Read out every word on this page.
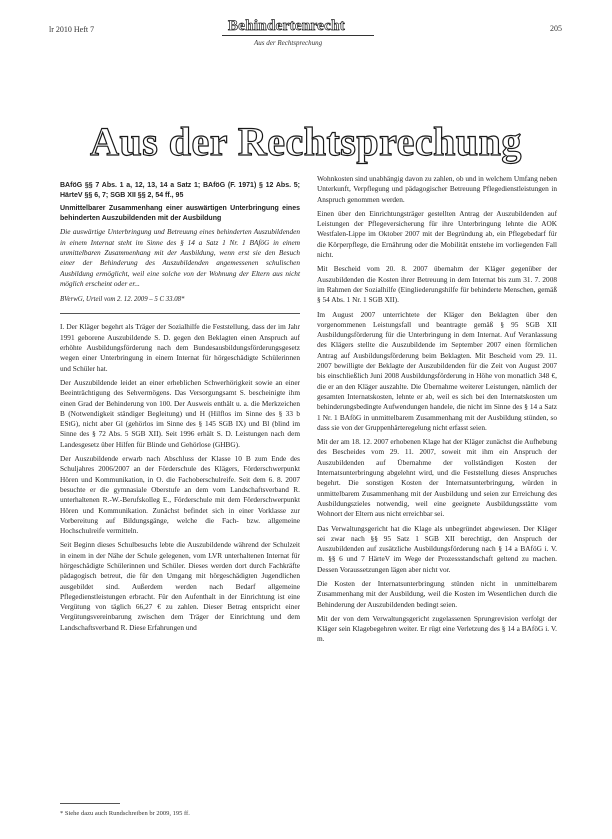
lr 2010 Heft 7	Behindertenrecht
Aus der Rechtsprechung
205
Aus der Rechtsprechung

BAföG §§ 7 Abs. 1 a, 12, 13, 14 a Satz 1; BAföG (F. 1971) § 12 Abs. 5; HärteV §§ 6, 7; SGB XII §§ 2, 54 ff., 95

Unmittelbarer Zusammenhang einer auswärtigen Unterbringung eines behinderten Auszubildenden mit der Ausbildung

Die auswärtige Unterbringung und Betreuung eines behinderten Auszubildenden in einem Internat steht im Sinne des § 14 a Satz 1 Nr. 1 BAföG in einem unmittelbaren Zusammenhang mit der Ausbildung, wenn erst sie den Besuch einer der Behinderung des Auszubildenden angemessenen schulischen Ausbildung ermöglicht, weil eine solche von der Wohnung der Eltern aus nicht möglich erscheint oder er...

BVerwG, Urteil vom 2. 12. 2009 – 5 C 33.08*

I. Der Kläger begehrt als Träger der Sozialhilfe die Feststellung, dass der im Jahr 1991 geborene Auszubildende S. D. gegen den Beklagten einen Anspruch auf erhöhte Ausbildungsförderung nach dem Bundesausbildungsförderungsgesetz wegen einer Unterbringung in einem Internat für hörgeschädigte Schülerinnen und Schüler hat.

Der Auszubildende leidet an einer erheblichen Schwerhörigkeit sowie an einer Beeinträchtigung des Sehvermögens. Das Versorgungsamt S. bescheinigte ihm einen Grad der Behinderung von 100. Der Ausweis enthält u. a. die Merkzeichen B (Notwendigkeit ständiger Begleitung) und H (Hilflos im Sinne des § 33 b EStG), nicht aber Gl (gehörlos im Sinne des § 145 SGB IX) und Bl (blind im Sinne des § 72 Abs. 5 SGB XII). Seit 1996 erhält S. D. Leistungen nach dem Landesgesetz über Hilfen für Blinde und Gehörlose (GHBG).

Der Auszubildende erwarb nach Abschluss der Klasse 10 B zum Ende des Schuljahres 2006/2007 an der Förderschule des Klägers, Förderschwerpunkt Hören und Kommunikation, in O. die Fachoberschulreife. Seit dem 6. 8. 2007 besuchte er die gymnasiale Oberstufe an dem vom Landschaftsverband R. unterhaltenen R.-W.-Berufskolleg E., Förderschule mit dem Förderschwerpunkt Hören und Kommunikation. Zunächst befindet sich in einer Vorklasse zur Vorbereitung auf Bildungsgänge, welche die Fach- bzw. allgemeine Hochschulreife vermitteln.

Seit Beginn dieses Schulbesuchs lebte die Auszubildende während der Schulzeit in einem in der Nähe der Schule gelegenen, vom LVR unterhaltenen Internat für hörgeschädigte Schülerinnen und Schüler. Dieses werden dort durch Fachkräfte pädagogisch betreut, die für den Umgang mit hörgeschädigten Jugendlichen ausgebildet sind. Außerdem werden nach Bedarf allgemeine Pflegedienstleistungen erbracht. Für den Aufenthalt in der Einrichtung ist eine Vergütung von täglich 66,27 € zu zahlen. Dieser Betrag entspricht einer Vergütungsvereinbarung zwischen dem Träger der Einrichtung und dem Landschaftsverband R. Diese Erfahrungen und

* Siehe dazu auch Rundschreiben br 2009, 195 ff.

Wohnkosten sind unabhängig davon zu zahlen, ob und in welchem Umfang neben Unterkunft, Verpflegung und pädagogischer Betreuung Pflegedienstleistungen in Anspruch genommen werden.

Einen über den Einrichtungsträger gestellten Antrag der Auszubildenden auf Leistungen der Pflegeversicherung für ihre Unterbringung lehnte die AOK Westfalen-Lippe im Oktober 2007 mit der Begründung ab, ein Pflegebedarf für die Körperpflege, die Ernährung oder die Mobilität entstehe im vorliegenden Fall nicht.

Mit Bescheid vom 20. 8. 2007 übernahm der Kläger gegenüber der Auszubildenden die Kosten ihrer Betreuung in dem Internat bis zum 31. 7. 2008 im Rahmen der Sozialhilfe (Eingliederungshilfe für behinderte Menschen, gemäß § 54 Abs. 1 Nr. 1 SGB XII).

Im August 2007 unterrichtete der Kläger den Beklagten über den vorgenommenen Leistungsfall und beantragte gemäß § 95 SGB XII Ausbildungsförderung für die Unterbringung in dem Internat. Auf Veranlassung des Klägers stellte die Auszubildende im September 2007 einen förmlichen Antrag auf Ausbildungsförderung beim Beklagten. Mit Bescheid vom 29. 11. 2007 bewilligte der Beklagte der Auszubildenden für die Zeit von August 2007 bis einschließlich Juni 2008 Ausbildungsförderung in Höhe von monatlich 348 €, die er an den Kläger auszahlte. Die Übernahme weiterer Leistungen, nämlich der gesamten Internatskosten, lehnte er ab, weil es sich bei den Internatskosten um behinderungsbedingte Aufwendungen handele, die nicht im Sinne des § 14 a Satz 1 Nr. 1 BAföG in unmittelbarem Zusammenhang mit der Ausbildung stünden, so dass sie von der Gruppenhärteregelung nicht erfasst seien.

Mit der am 18. 12. 2007 erhobenen Klage hat der Kläger zunächst die Aufhebung des Bescheides vom 29. 11. 2007, soweit mit ihm ein Anspruch der Auszubildenden auf Übernahme der vollständigen Kosten der Internatsunterbringung abgelehnt wird, und die Feststellung dieses Anspruches begehrt. Die sonstigen Kosten der Internatsunterbringung, würden in unmittelbarem Zusammenhang mit der Ausbildung und seien zur Erreichung des Ausbildungszieles notwendig, weil eine geeignete Ausbildungsstätte vom Wohnort der Eltern aus nicht erreichbar sei.

Das Verwaltungsgericht hat die Klage als unbegründet abgewiesen. Der Kläger sei zwar nach §§ 95 Satz 1 SGB XII berechtigt, den Anspruch der Auszubildenden auf zusätzliche Ausbildungsförderung nach § 14 a BAföG i. V. m. §§ 6 und 7 HärteV im Wege der Prozessstandschaft geltend zu machen. Dessen Voraussetzungen lägen aber nicht vor.

Die Kosten der Internatsunterbringung stünden nicht in unmittelbarem Zusammenhang mit der Ausbildung, weil die Kosten im Wesentlichen durch die Behinderung der Auszubildenden bedingt seien.

Mit der von dem Verwaltungsgericht zugelassenen Sprungrevision verfolgt der Kläger sein Klagebegehren weiter. Er rügt eine Verletzung des § 14 a BAföG i. V. m.
